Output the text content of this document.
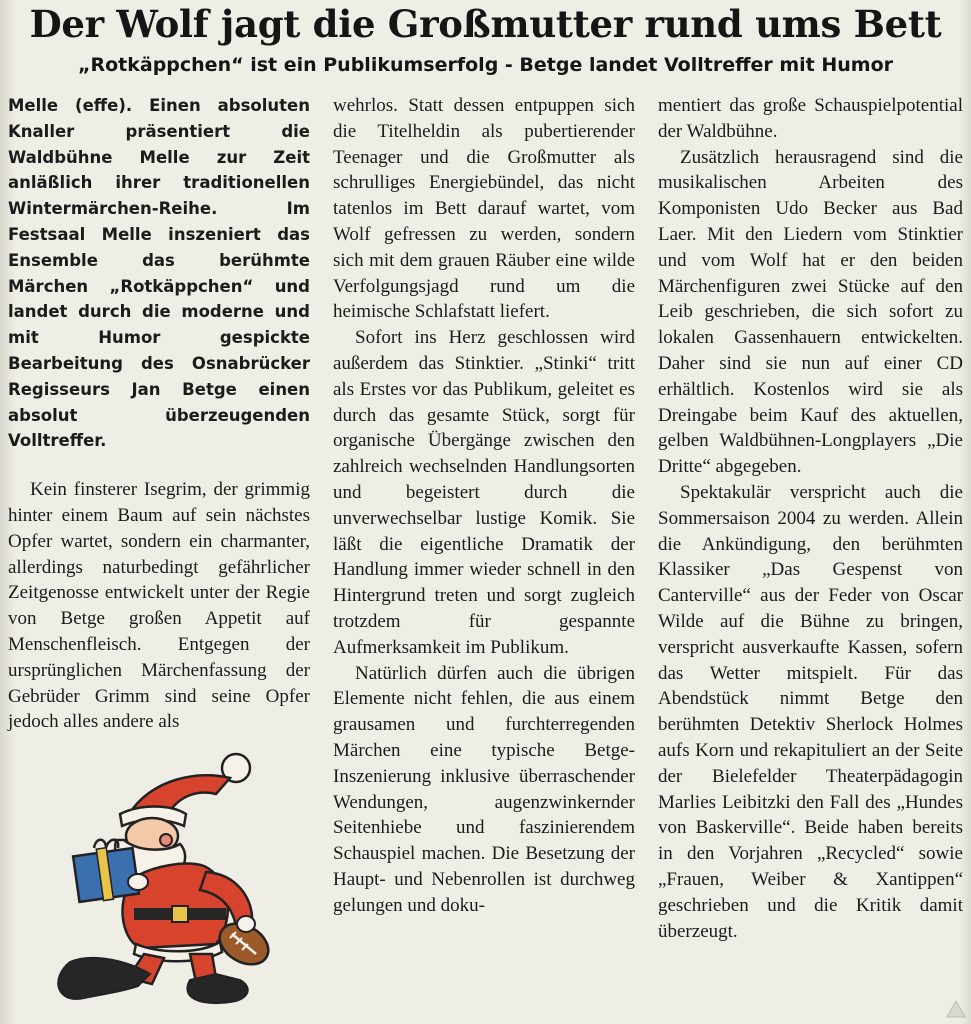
Der Wolf jagt die Großmutter rund ums Bett
„Rotkäppchen“ ist ein Publikumserfolg - Betge landet Volltreffer mit Humor

Melle (effe). Einen absoluten Knaller präsentiert die Waldbühne Melle zur Zeit anläßlich ihrer traditionellen Wintermärchen-Reihe. Im Festsaal Melle inszeniert das Ensemble das berühmte Märchen „Rotkäppchen“ und landet durch die moderne und mit Humor gespickte Bearbeitung des Osnabrücker Regisseurs Jan Betge einen absolut überzeugenden Volltreffer.

Kein finsterer Isegrim, der grimmig hinter einem Baum auf sein nächstes Opfer wartet, sondern ein charmanter, allerdings naturbedingt gefährlicher Zeitgenosse entwickelt unter der Regie von Betge großen Appetit auf Menschenfleisch. Entgegen der ursprünglichen Märchenfassung der Gebrüder Grimm sind seine Opfer jedoch alles andere als

wehrlos. Statt dessen entpuppen sich die Titelheldin als pubertierender Teenager und die Großmutter als schrulliges Energiebündel, das nicht tatenlos im Bett darauf wartet, vom Wolf gefressen zu werden, sondern sich mit dem grauen Räuber eine wilde Verfolgungsjagd rund um die heimische Schlafstatt liefert.

Sofort ins Herz geschlossen wird außerdem das Stinktier. „Stinki“ tritt als Erstes vor das Publikum, geleitet es durch das gesamte Stück, sorgt für organische Übergänge zwischen den zahlreich wechselnden Handlungsorten und begeistert durch die unverwechselbar lustige Komik. Sie läßt die eigentliche Dramatik der Handlung immer wieder schnell in den Hintergrund treten und sorgt zugleich trotzdem für gespannte Aufmerksamkeit im Publikum.

Natürlich dürfen auch die übrigen Elemente nicht fehlen, die aus einem grausamen und furchterregenden Märchen eine typische Betge-Inszenierung inklusive überraschender Wendungen, augenzwinkernder Seitenhiebe und faszinierendem Schauspiel machen. Die Besetzung der Haupt- und Nebenrollen ist durchweg gelungen und doku-

mentiert das große Schauspielpotential der Waldbühne.

Zusätzlich herausragend sind die musikalischen Arbeiten des Komponisten Udo Becker aus Bad Laer. Mit den Liedern vom Stinktier und vom Wolf hat er den beiden Märchenfiguren zwei Stücke auf den Leib geschrieben, die sich sofort zu lokalen Gassenhauern entwickelten. Daher sind sie nun auf einer CD erhältlich. Kostenlos wird sie als Dreingabe beim Kauf des aktuellen, gelben Waldbühnen-Longplayers „Die Dritte“ abgegeben.

Spektakulär verspricht auch die Sommersaison 2004 zu werden. Allein die Ankündigung, den berühmten Klassiker „Das Gespenst von Canterville“ aus der Feder von Oscar Wilde auf die Bühne zu bringen, verspricht ausverkaufte Kassen, sofern das Wetter mitspielt. Für das Abendstück nimmt Betge den berühmten Detektiv Sherlock Holmes aufs Korn und rekapituliert an der Seite der Bielefelder Theaterpädagogin Marlies Leibitzki den Fall des „Hundes von Baskerville“. Beide haben bereits in den Vorjahren „Recycled“ sowie „Frauen, Weiber & Xantippen“ geschrieben und die Kritik damit überzeugt.
